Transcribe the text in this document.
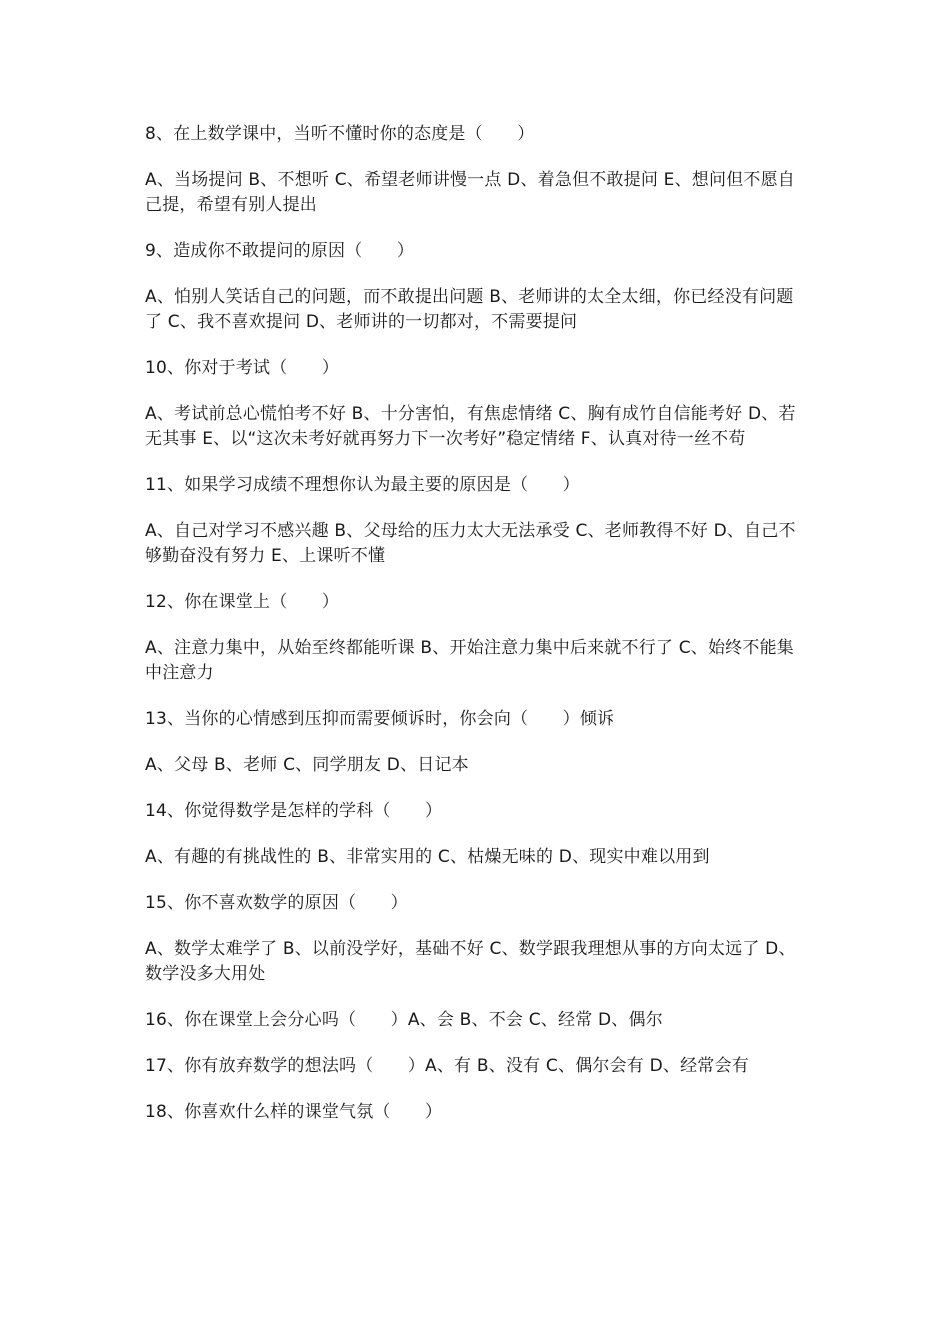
8、在上数学课中，当听不懂时你的态度是（　　）

A、当场提问 B、不想听 C、希望老师讲慢一点 D、着急但不敢提问 E、想问但不愿自己提，希望有别人提出

9、造成你不敢提问的原因（　　）

A、怕别人笑话自己的问题，而不敢提出问题 B、老师讲的太全太细，你已经没有问题了 C、我不喜欢提问 D、老师讲的一切都对，不需要提问

10、你对于考试（　　）

A、考试前总心慌怕考不好 B、十分害怕，有焦虑情绪 C、胸有成竹自信能考好 D、若无其事 E、以“这次未考好就再努力下一次考好”稳定情绪 F、认真对待一丝不苟

11、如果学习成绩不理想你认为最主要的原因是（　　）

A、自己对学习不感兴趣 B、父母给的压力太大无法承受 C、老师教得不好 D、自己不够勤奋没有努力 E、上课听不懂

12、你在课堂上（　　）

A、注意力集中，从始至终都能听课 B、开始注意力集中后来就不行了 C、始终不能集中注意力

13、当你的心情感到压抑而需要倾诉时，你会向（　　）倾诉

A、父母 B、老师 C、同学朋友 D、日记本

14、你觉得数学是怎样的学科（　　）

A、有趣的有挑战性的 B、非常实用的 C、枯燥无味的 D、现实中难以用到

15、你不喜欢数学的原因（　　）

A、数学太难学了 B、以前没学好，基础不好 C、数学跟我理想从事的方向太远了 D、数学没多大用处

16、你在课堂上会分心吗（　　）A、会 B、不会 C、经常 D、偶尔

17、你有放弃数学的想法吗（　　）A、有 B、没有 C、偶尔会有 D、经常会有

18、你喜欢什么样的课堂气氛（　　）
